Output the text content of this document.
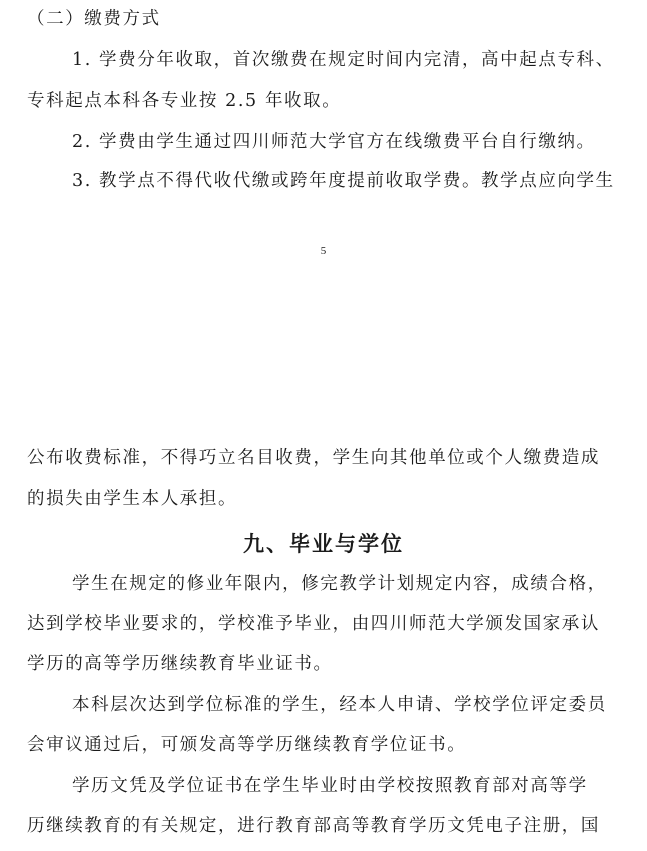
（二）缴费方式
1. 学费分年收取，首次缴费在规定时间内完清，高中起点专科、
专科起点本科各专业按 2.5 年收取。
2. 学费由学生通过四川师范大学官方在线缴费平台自行缴纳。
3. 教学点不得代收代缴或跨年度提前收取学费。教学点应向学生
5
公布收费标准，不得巧立名目收费，学生向其他单位或个人缴费造成
的损失由学生本人承担。
九、毕业与学位
学生在规定的修业年限内，修完教学计划规定内容，成绩合格，
达到学校毕业要求的，学校准予毕业，由四川师范大学颁发国家承认
学历的高等学历继续教育毕业证书。
本科层次达到学位标准的学生，经本人申请、学校学位评定委员
会审议通过后，可颁发高等学历继续教育学位证书。
学历文凭及学位证书在学生毕业时由学校按照教育部对高等学
历继续教育的有关规定，进行教育部高等教育学历文凭电子注册，国
